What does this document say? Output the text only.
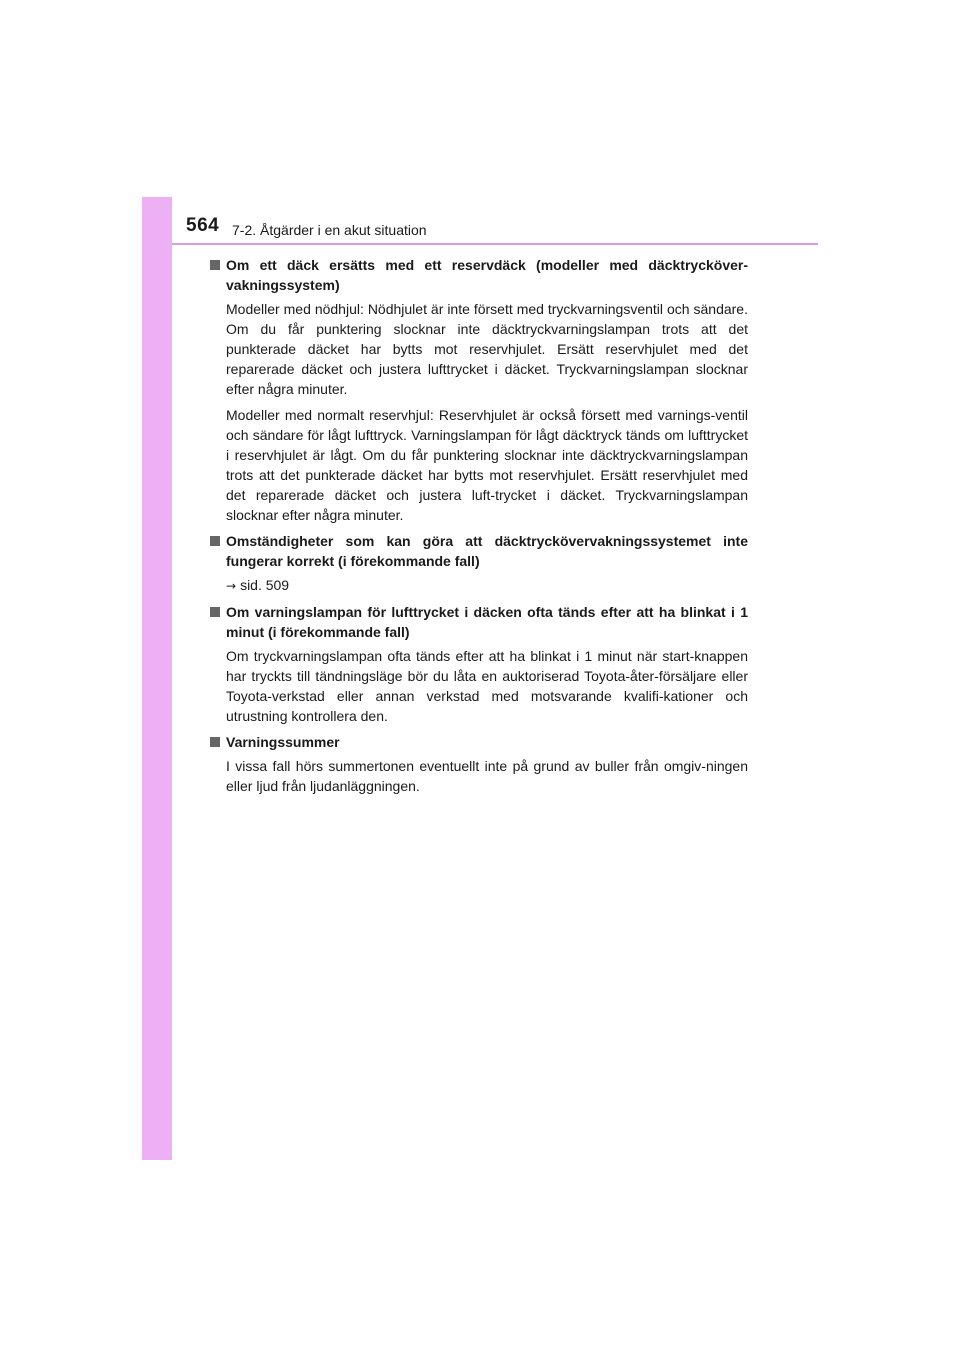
564 7-2. Åtgärder i en akut situation
Om ett däck ersätts med ett reservdäck (modeller med däcktrycköver-vakningssystem)
Modeller med nödhjul: Nödhjulet är inte försett med tryckvarningsventil och sändare. Om du får punktering slocknar inte däcktryckvarningslampan trots att det punkterade däcket har bytts mot reservhjulet. Ersätt reservhjulet med det reparerade däcket och justera lufttrycket i däcket. Tryckvarningslampan slocknar efter några minuter.
Modeller med normalt reservhjul: Reservhjulet är också försett med varnings-ventil och sändare för lågt lufttryck. Varningslampan för lågt däcktryck tänds om lufttrycket i reservhjulet är lågt. Om du får punktering slocknar inte däcktryckvarningslampan trots att det punkterade däcket har bytts mot reservhjulet. Ersätt reservhjulet med det reparerade däcket och justera luft-trycket i däcket. Tryckvarningslampan slocknar efter några minuter.
Omständigheter som kan göra att däcktryckövervakningssystemet inte fungerar korrekt (i förekommande fall)
→ sid. 509
Om varningslampan för lufttrycket i däcken ofta tänds efter att ha blinkat i 1 minut (i förekommande fall)
Om tryckvarningslampan ofta tänds efter att ha blinkat i 1 minut när start-knappen har tryckts till tändningsläge bör du låta en auktoriserad Toyota-åter-försäljare eller Toyota-verkstad eller annan verkstad med motsvarande kvalifi-kationer och utrustning kontrollera den.
Varningssummer
I vissa fall hörs summertonen eventuellt inte på grund av buller från omgiv-ningen eller ljud från ljudanläggningen.
